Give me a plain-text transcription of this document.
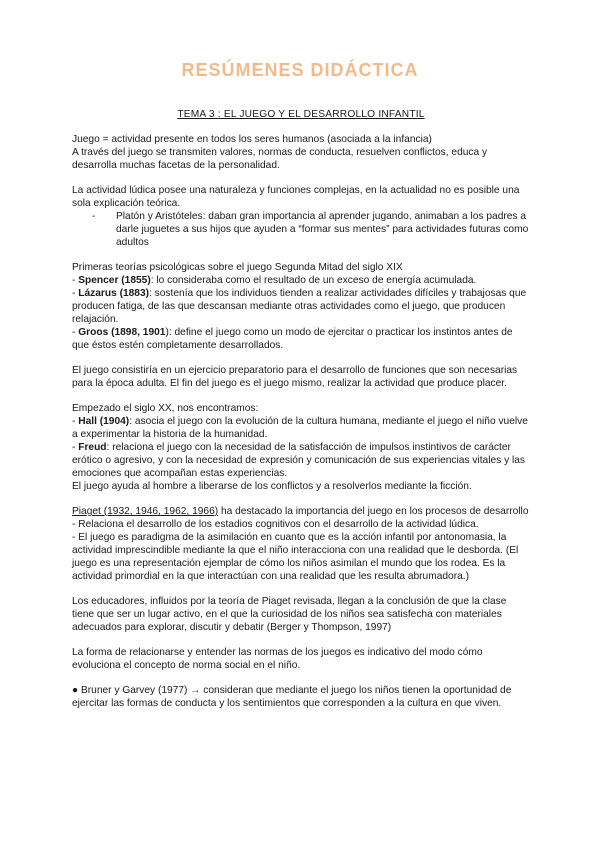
RESÚMENES DIDÁCTICA

TEMA 3 : EL JUEGO Y EL DESARROLLO INFANTIL

Juego = actividad presente en todos los seres humanos (asociada a la infancia)

A través del juego se transmiten valores, normas de conducta, resuelven conflictos, educa y desarrolla muchas facetas de la personalidad.

La actividad lúdica posee una naturaleza y funciones complejas, en la actualidad no es posible una sola explicación teórica.

-	Platón y Aristóteles: daban gran importancia al aprender jugando, animaban a los padres a darle juguetes a sus hijos que ayuden a “formar sus mentes” para actividades futuras como adultos

Primeras teorías psicológicas sobre el juego Segunda Mitad del siglo XIX

- Spencer (1855): lo consideraba como el resultado de un exceso de energía acumulada.

- Lázarus (1883): sostenía que los individuos tienden a realizar actividades difíciles y trabajosas que producen fatiga, de las que descansan mediante otras actividades como el juego, que producen relajación.

- Groos (1898, 1901): define el juego como un modo de ejercitar o practicar los instintos antes de que éstos estén completamente desarrollados.

El juego consistiría en un ejercicio preparatorio para el desarrollo de funciones que son necesarias para la época adulta. El fin del juego es el juego mismo, realizar la actividad que produce placer.

Empezado el siglo XX, nos encontramos:

- Hall (1904): asocia el juego con la evolución de la cultura humana, mediante el juego el niño vuelve a experimentar la historia de la humanidad.

- Freud: relaciona el juego con la necesidad de la satisfacción de impulsos instintivos de carácter erótico o agresivo, y con la necesidad de expresión y comunicación de sus experiencias vitales y las emociones que acompañan estas experiencias.

El juego ayuda al hombre a liberarse de los conflictos y a resolverlos mediante la ficción.

Piaget (1932, 1946, 1962, 1966) ha destacado la importancia del juego en los procesos de desarrollo

- Relaciona el desarrollo de los estadios cognitivos con el desarrollo de la actividad lúdica.

- El juego es paradigma de la asimilación en cuanto que es la acción infantil por antonomasia, la actividad imprescindible mediante la que el niño interacciona con una realidad que le desborda. (El juego es una representación ejemplar de cómo los niños asimilan el mundo que los rodea. Es la actividad primordial en la que interactúan con una realidad que les resulta abrumadora.)

Los educadores, influidos por la teoría de Piaget revisada, llegan a la conclusión de que la clase tiene que ser un lugar activo, en el que la curiosidad de los niños sea satisfecha con materiales adecuados para explorar, discutir y debatir (Berger y Thompson, 1997)

La forma de relacionarse y entender las normas de los juegos es indicativo del modo cómo evoluciona el concepto de norma social en el niño.

● Bruner y Garvey (1977) → consideran que mediante el juego los niños tienen la oportunidad de ejercitar las formas de conducta y los sentimientos que corresponden a la cultura en que viven.
